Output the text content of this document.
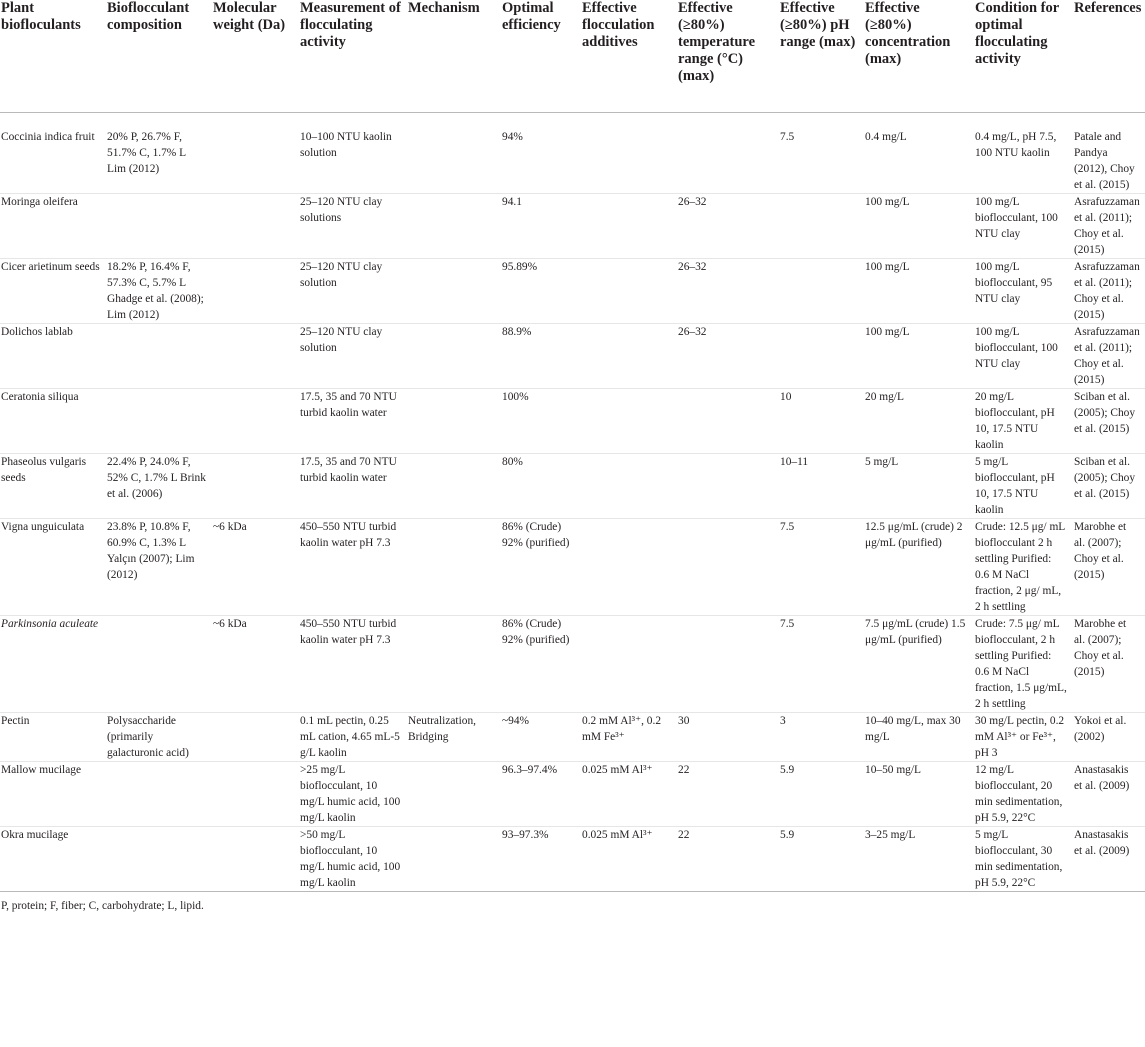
Plant biofloculants	Bioflocculant composition	Molecular weight (Da)	Measurement of flocculating activity	Mechanism	Optimal efficiency	Effective flocculation additives	Effective (≥80%) temperature range (°C) (max)	Effective (≥80%) pH range (max)	Effective (≥80%) concentration (max)	Condition for optimal flocculating activity	References
Coccinia indica fruit	20% P, 26.7% F, 51.7% C, 1.7% L Lim (2012)		10–100 NTU kaolin solution		94%			7.5	0.4 mg/L	0.4 mg/L, pH 7.5, 100 NTU kaolin	Patale and Pandya (2012), Choy et al. (2015)
Moringa oleifera			25–120 NTU clay solutions		94.1		26–32		100 mg/L	100 mg/L bioflocculant, 100 NTU clay	Asrafuzzaman et al. (2011); Choy et al. (2015)
Cicer arietinum seeds	18.2% P, 16.4% F, 57.3% C, 5.7% L Ghadge et al. (2008); Lim (2012)		25–120 NTU clay solution		95.89%		26–32		100 mg/L	100 mg/L bioflocculant, 95 NTU clay	Asrafuzzaman et al. (2011); Choy et al. (2015)
Dolichos lablab			25–120 NTU clay solution		88.9%		26–32		100 mg/L	100 mg/L bioflocculant, 100 NTU clay	Asrafuzzaman et al. (2011); Choy et al. (2015)
Ceratonia siliqua			17.5, 35 and 70 NTU turbid kaolin water		100%			10	20 mg/L	20 mg/L bioflocculant, pH 10, 17.5 NTU kaolin	Sciban et al. (2005); Choy et al. (2015)
Phaseolus vulgaris seeds	22.4% P, 24.0% F, 52% C, 1.7% L Brink et al. (2006)		17.5, 35 and 70 NTU turbid kaolin water		80%			10–11	5 mg/L	5 mg/L bioflocculant, pH 10, 17.5 NTU kaolin	Sciban et al. (2005); Choy et al. (2015)
Vigna unguiculata	23.8% P, 10.8% F, 60.9% C, 1.3% L Yalçın (2007); Lim (2012)	~6 kDa	450–550 NTU turbid kaolin water pH 7.3		86% (Crude) 92% (purified)			7.5	12.5 μg/mL (crude) 2 μg/mL (purified)	Crude: 12.5 μg/ mL bioflocculant 2 h settling Purified: 0.6 M NaCl fraction, 2 μg/ mL, 2 h settling	Marobhe et al. (2007); Choy et al. (2015)
Parkinsonia aculeate		~6 kDa	450–550 NTU turbid kaolin water pH 7.3		86% (Crude) 92% (purified)			7.5	7.5 μg/mL (crude) 1.5 μg/mL (purified)	Crude: 7.5 μg/ mL bioflocculant, 2 h settling Purified: 0.6 M NaCl fraction, 1.5 μg/mL, 2 h settling	Marobhe et al. (2007); Choy et al. (2015)
Pectin	Polysaccharide (primarily galacturonic acid)		0.1 mL pectin, 0.25 mL cation, 4.65 mL-5 g/L kaolin	Neutralization, Bridging	~94%	0.2 mM Al³⁺, 0.2 mM Fe³⁺	30	3	10–40 mg/L, max 30 mg/L	30 mg/L pectin, 0.2 mM Al³⁺ or Fe³⁺, pH 3	Yokoi et al. (2002)
Mallow mucilage			>25 mg/L bioflocculant, 10 mg/L humic acid, 100 mg/L kaolin		96.3–97.4%	0.025 mM Al³⁺	22	5.9	10–50 mg/L	12 mg/L bioflocculant, 20 min sedimentation, pH 5.9, 22°C	Anastasakis et al. (2009)
Okra mucilage			>50 mg/L bioflocculant, 10 mg/L humic acid, 100 mg/L kaolin		93–97.3%	0.025 mM Al³⁺	22	5.9	3–25 mg/L	5 mg/L bioflocculant, 30 min sedimentation, pH 5.9, 22°C	Anastasakis et al. (2009)
P, protein; F, fiber; C, carbohydrate; L, lipid.
